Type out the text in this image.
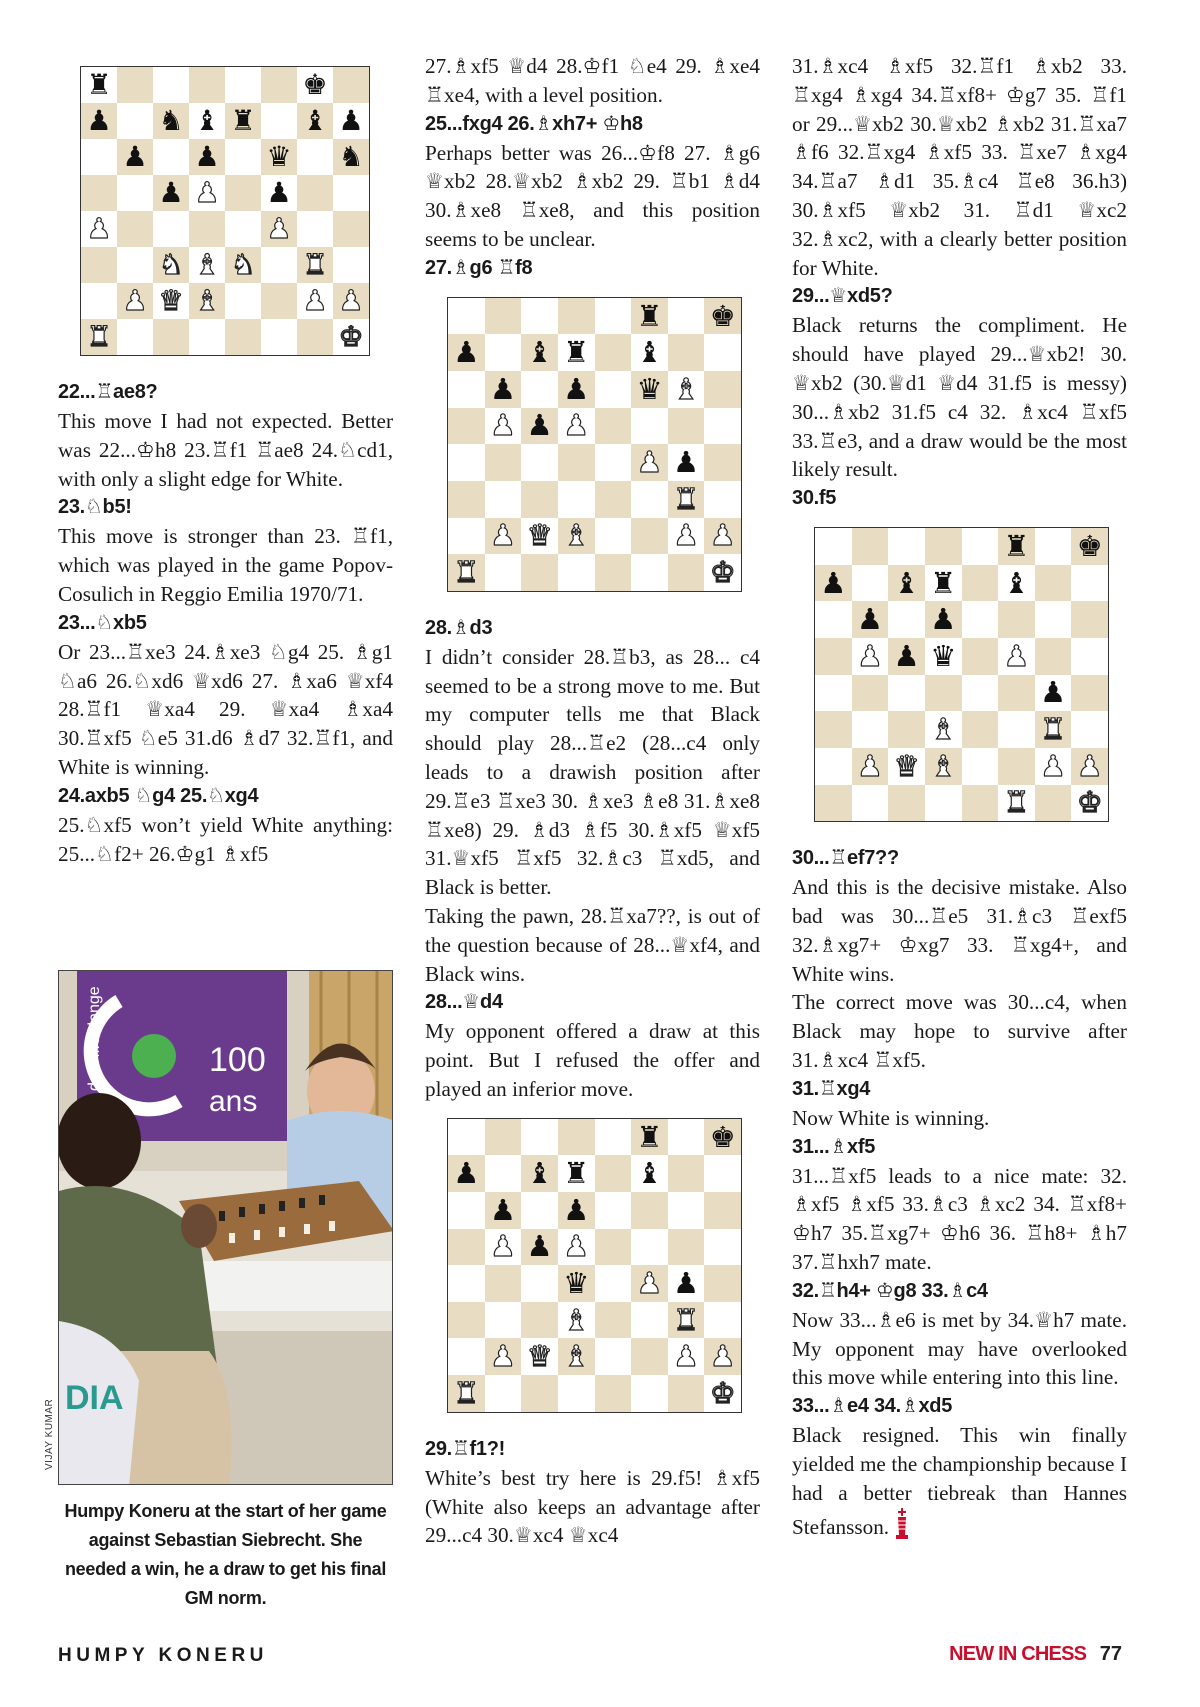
♜	♚
♟ ♞ ♝ ♜ ♝ ♟
♟ ♟ ♛ ♞
♟ ♟ ♟
♟	♟
♞ ♝ ♞ ♜
♟ ♛ ♝	♟ ♟
♜	♚

22...♖ae8?

This move I had not expected. Better was 22...♔h8 23.♖f1 ♖ae8 24.♘cd1, with only a slight edge for White.

23.♘b5!

This move is stronger than 23. ♖f1, which was played in the game Popov-Cosulich in Reggio Emilia 1970/71.

23...♘xb5

Or 23...♖xe3 24.♗xe3 ♘g4 25. ♗g1 ♘a6 26.♘xd6 ♕xd6 27. ♗xa6 ♕xf4 28.♖f1 ♕xa4 29. ♕xa4 ♗xa4 30.♖xf5 ♘e5 31.d6 ♗d7 32.♖f1, and White is winning.

24.axb5 ♘g4 25.♘xg4

25.♘xf5 won’t yield White anything: 25...♘f2+ 26.♔g1 ♗xf5

27.♗xf5 ♕d4 28.♔f1 ♘e4 29. ♗xe4 ♖xe4, with a level position.

25...fxg4 26.♗xh7+ ♔h8

Perhaps better was 26...♔f8 27. ♗g6 ♕xb2 28.♕xb2 ♗xb2 29. ♖b1 ♗d4 30.♗xe8 ♖xe8, and this position seems to be unclear.

27.♗g6 ♖f8

♜ ♚
♟ ♝ ♜ ♝
♟ ♟ ♛ ♝
♟ ♟ ♟
♟ ♟
♜
♟ ♛ ♝	♟ ♟
♜	♚

28.♗d3

I didn’t consider 28.♖b3, as 28... c4 seemed to be a strong move to me. But my computer tells me that Black should play 28...♖e2 (28...c4 only leads to a drawish position after 29.♖e3 ♖xe3 30. ♗xe3 ♗e8 31.♗xe8 ♖xe8) 29. ♗d3 ♗f5 30.♗xf5 ♕xf5 31.♕xf5 ♖xf5 32.♗c3 ♖xd5, and Black is better.

Taking the pawn, 28.♖xa7??, is out of the question because of 28...♕xf4, and Black wins.

28...♕d4

My opponent offered a draw at this point. But I refused the offer and played an inferior move.

♜ ♚
♟ ♝ ♜ ♝
♟ ♟
♟ ♟ ♟
♛ ♟ ♟
♝	♜
♟ ♛ ♝	♟ ♟
♜	♚

29.♖f1?!

White’s best try here is 29.f5! ♗xf5 (White also keeps an advantage after 29...c4 30.♕xc4 ♕xc4

31.♗xc4 ♗xf5 32.♖f1 ♗xb2 33. ♖xg4 ♗xg4 34.♖xf8+ ♔g7 35. ♖f1 or 29...♕xb2 30.♕xb2 ♗xb2 31.♖xa7 ♗f6 32.♖xg4 ♗xf5 33. ♖xe7 ♗xg4 34.♖a7 ♗d1 35.♗c4 ♖e8 36.h3) 30.♗xf5 ♕xb2 31. ♖d1 ♕xc2 32.♗xc2, with a clearly better position for White.

29...♕xd5?

Black returns the compliment. He should have played 29...♕xb2! 30. ♕xb2 (30.♕d1 ♕d4 31.f5 is messy) 30...♗xb2 31.f5 c4 32. ♗xc4 ♖xf5 33.♖e3, and a draw would be the most likely result.

30.f5

♜ ♚
♟ ♝ ♜ ♝
♟ ♟
♟ ♟ ♛ ♟
♟
♝	♜
♟ ♛ ♝	♟ ♟
♜ ♚

30...♖ef7??

And this is the decisive mistake. Also bad was 30...♖e5 31.♗c3 ♖exf5 32.♗xg7+ ♔xg7 33. ♖xg4+, and White wins.

The correct move was 30...c4, when Black may hope to survive after 31.♗xc4 ♖xf5.

31.♖xg4

Now White is winning.

31...♗xf5

31...♖xf5 leads to a nice mate: 32. ♗xf5 ♗xf5 33.♗c3 ♗xc2 34. ♖xf8+ ♔h7 35.♖xg7+ ♔h6 36. ♖h8+ ♗h7 37.♖hxh7 mate.

32.♖h4+ ♔g8 33.♗c4

Now 33...♗e6 is met by 34.♕h7 mate. My opponent may have overlooked this move while entering into this line.

33...♗e4 34.♗xd5

Black resigned. This win finally yielded me the championship because I had a better tiebreak than Hannes Stefansson.

100
ans
de Differdange
DIA
VIJAY KUMAR
Humpy Koneru at the start of her game against Sebastian Siebrecht. She needed a win, he a draw to get his final GM norm.
HUMPY KONERU	NEW IN CHESS 77
